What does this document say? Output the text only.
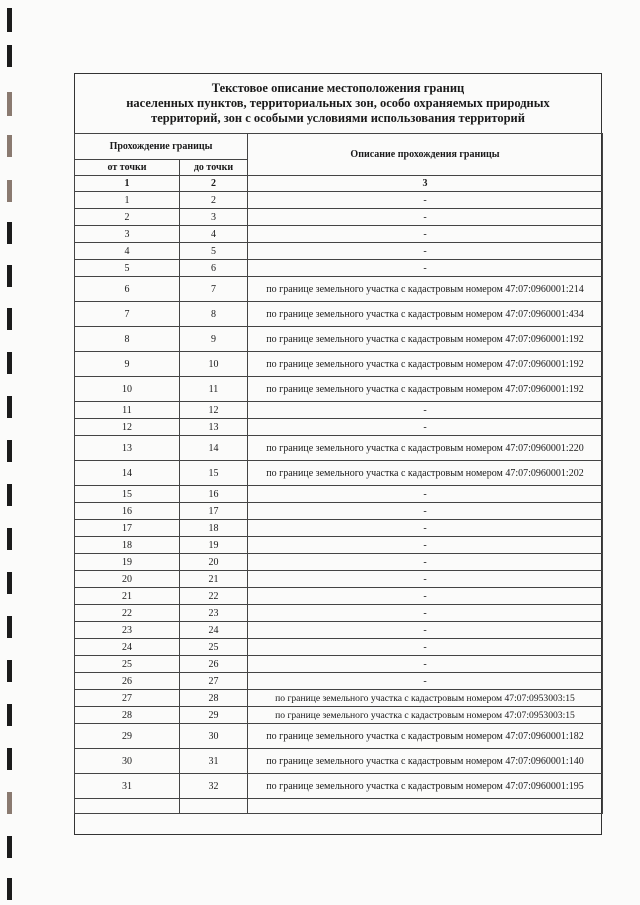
Текстовое описание местоположения границ
населенных пунктов, территориальных зон, особо охраняемых природных
территорий, зон с особыми условиями использования территорий
Прохождение границы		Описание прохождения границы
от точки	до точки	
1	2	3
1	2	-
2	3	-
3	4	-
4	5	-
5	6	-
6	7	по границе земельного участка с кадастровым номером 47:07:0960001:214
7	8	по границе земельного участка с кадастровым номером 47:07:0960001:434
8	9	по границе земельного участка с кадастровым номером 47:07:0960001:192
9	10	по границе земельного участка с кадастровым номером 47:07:0960001:192
10	11	по границе земельного участка с кадастровым номером 47:07:0960001:192
11	12	-
12	13	-
13	14	по границе земельного участка с кадастровым номером 47:07:0960001:220
14	15	по границе земельного участка с кадастровым номером 47:07:0960001:202
15	16	-
16	17	-
17	18	-
18	19	-
19	20	-
20	21	-
21	22	-
22	23	-
23	24	-
24	25	-
25	26	-
26	27	-
27	28	по границе земельного участка с кадастровым номером 47:07:0953003:15
28	29	по границе земельного участка с кадастровым номером 47:07:0953003:15
29	30	по границе земельного участка с кадастровым номером 47:07:0960001:182
30	31	по границе земельного участка с кадастровым номером 47:07:0960001:140
31	32	по границе земельного участка с кадастровым номером 47:07:0960001:195
